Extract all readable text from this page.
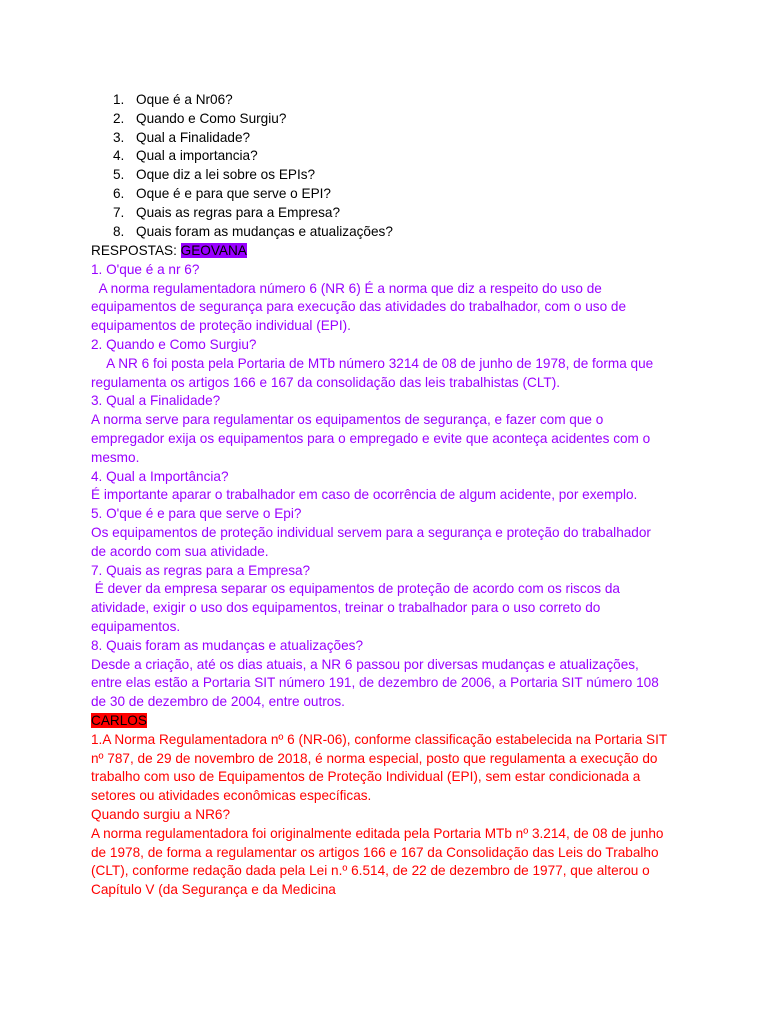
1. Oque é a Nr06?
2. Quando e Como Surgiu?
3. Qual a Finalidade?
4. Qual a importancia?
5. Oque diz a lei sobre os EPIs?
6. Oque é e para que serve o EPI?
7. Quais as regras para a Empresa?
8. Quais foram as mudanças e atualizações?
RESPOSTAS: GEOVANA
1. O'que é a nr 6?
A norma regulamentadora número 6 (NR 6) É a norma que diz a respeito do uso de
equipamentos de segurança para execução das atividades do trabalhador, com o uso de
equipamentos de proteção individual (EPI).
2. Quando e Como Surgiu?
A NR 6 foi posta pela Portaria de MTb número 3214 de 08 de junho de 1978, de forma que
regulamenta os artigos 166 e 167 da consolidação das leis trabalhistas (CLT).
3. Qual a Finalidade?
A norma serve para regulamentar os equipamentos de segurança, e fazer com que o
empregador exija os equipamentos para o empregado e evite que aconteça acidentes com o
mesmo.
4. Qual a Importância?
É importante aparar o trabalhador em caso de ocorrência de algum acidente, por exemplo.
5. O'que é e para que serve o Epi?
Os equipamentos de proteção individual servem para a segurança e proteção do trabalhador
de acordo com sua atividade.
7. Quais as regras para a Empresa?
É dever da empresa separar os equipamentos de proteção de acordo com os riscos da
atividade, exigir o uso dos equipamentos, treinar o trabalhador para o uso correto do
equipamentos.
8. Quais foram as mudanças e atualizações?
Desde a criação, até os dias atuais, a NR 6 passou por diversas mudanças e atualizações,
entre elas estão a Portaria SIT número 191, de dezembro de 2006, a Portaria SIT número 108
de 30 de dezembro de 2004, entre outros.
CARLOS
1.A Norma Regulamentadora nº 6 (NR-06), conforme classificação estabelecida na Portaria SIT
nº 787, de 29 de novembro de 2018, é norma especial, posto que regulamenta a execução do
trabalho com uso de Equipamentos de Proteção Individual (EPI), sem estar condicionada a
setores ou atividades econômicas específicas.
Quando surgiu a NR6?
A norma regulamentadora foi originalmente editada pela Portaria MTb nº 3.214, de 08 de junho
de 1978, de forma a regulamentar os artigos 166 e 167 da Consolidação das Leis do Trabalho
(CLT), conforme redação dada pela Lei n.º 6.514, de 22 de dezembro de 1977, que alterou o
Capítulo V (da Segurança e da Medicina
